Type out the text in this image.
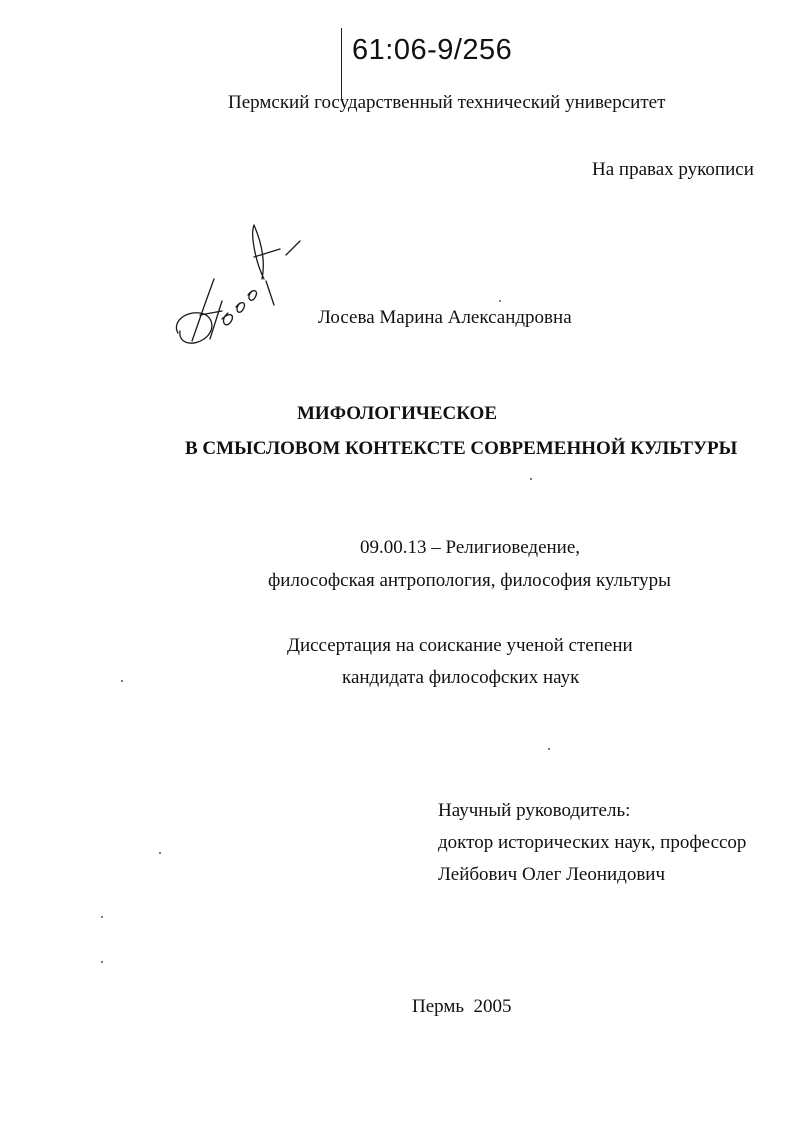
61:06-9/256
Пермский государственный технический университет
На правах рукописи
Лосева Марина Александровна
МИФОЛОГИЧЕСКОЕ
В СМЫСЛОВОМ КОНТЕКСТЕ СОВРЕМЕННОЙ КУЛЬТУРЫ
09.00.13 – Религиоведение,
философская антропология, философия культуры
Диссертация на соискание ученой степени
кандидата философских наук
Научный руководитель:
доктор исторических наук, профессор
Лейбович Олег Леонидович
Пермь  2005
